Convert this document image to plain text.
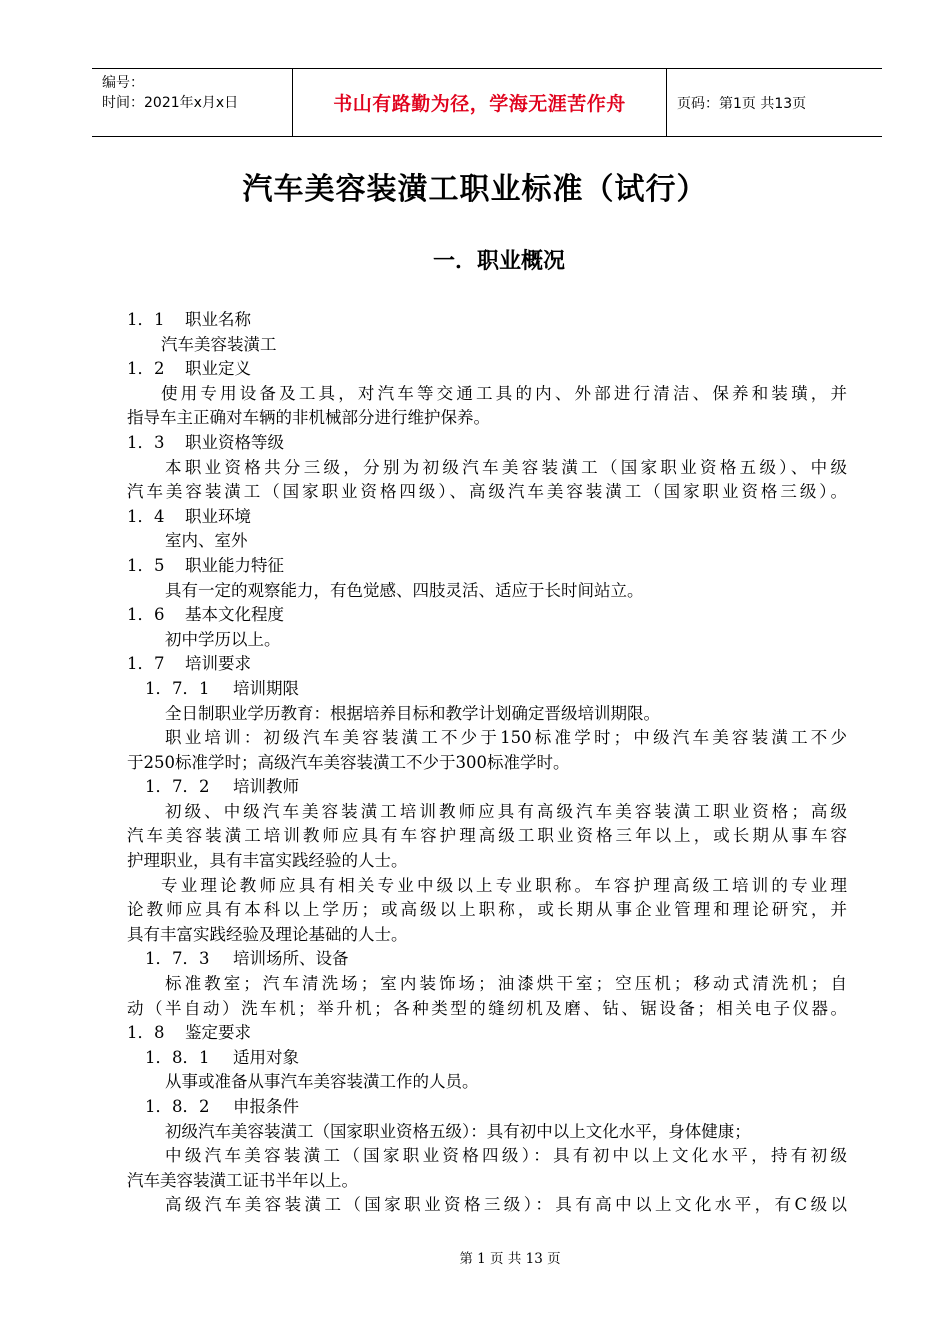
编号：
时间：2021年x月x日	书山有路勤为径，学海无涯苦作舟	页码：第1页 共13页
汽车美容装潢工职业标准（试行）
一．职业概况
1．1 职业名称
汽车美容装潢工
1．2 职业定义
使用专用设备及工具，对汽车等交通工具的内、外部进行清洁、保养和装璜，并
指导车主正确对车辆的非机械部分进行维护保养。
1．3 职业资格等级
本职业资格共分三级，分别为初级汽车美容装潢工（国家职业资格五级）、中级
汽车美容装潢工（国家职业资格四级）、高级汽车美容装潢工（国家职业资格三级）。
1．4 职业环境
室内、室外
1．5 职业能力特征
具有一定的观察能力，有色觉感、四肢灵活、适应于长时间站立。
1．6 基本文化程度
初中学历以上。
1．7 培训要求
1．7．1 培训期限
全日制职业学历教育：根据培养目标和教学计划确定晋级培训期限。
职业培训：初级汽车美容装潢工不少于150标准学时；中级汽车美容装潢工不少
于250标准学时；高级汽车美容装潢工不少于300标准学时。
1．7．2 培训教师
初级、中级汽车美容装潢工培训教师应具有高级汽车美容装潢工职业资格；高级
汽车美容装潢工培训教师应具有车容护理高级工职业资格三年以上，或长期从事车容
护理职业，具有丰富实践经验的人士。
专业理论教师应具有相关专业中级以上专业职称。车容护理高级工培训的专业理
论教师应具有本科以上学历；或高级以上职称，或长期从事企业管理和理论研究，并
具有丰富实践经验及理论基础的人士。
1．7．3 培训场所、设备
标准教室；汽车清洗场；室内装饰场；油漆烘干室；空压机；移动式清洗机；自
动（半自动）洗车机；举升机；各种类型的缝纫机及磨、钻、锯设备；相关电子仪器。
1．8 鉴定要求
1．8．1 适用对象
从事或准备从事汽车美容装潢工作的人员。
1．8．2 申报条件
初级汽车美容装潢工（国家职业资格五级）：具有初中以上文化水平，身体健康；
中级汽车美容装潢工（国家职业资格四级）：具有初中以上文化水平，持有初级
汽车美容装潢工证书半年以上。
高级汽车美容装潢工（国家职业资格三级）：具有高中以上文化水平，有C级以
第 1 页 共 13 页
